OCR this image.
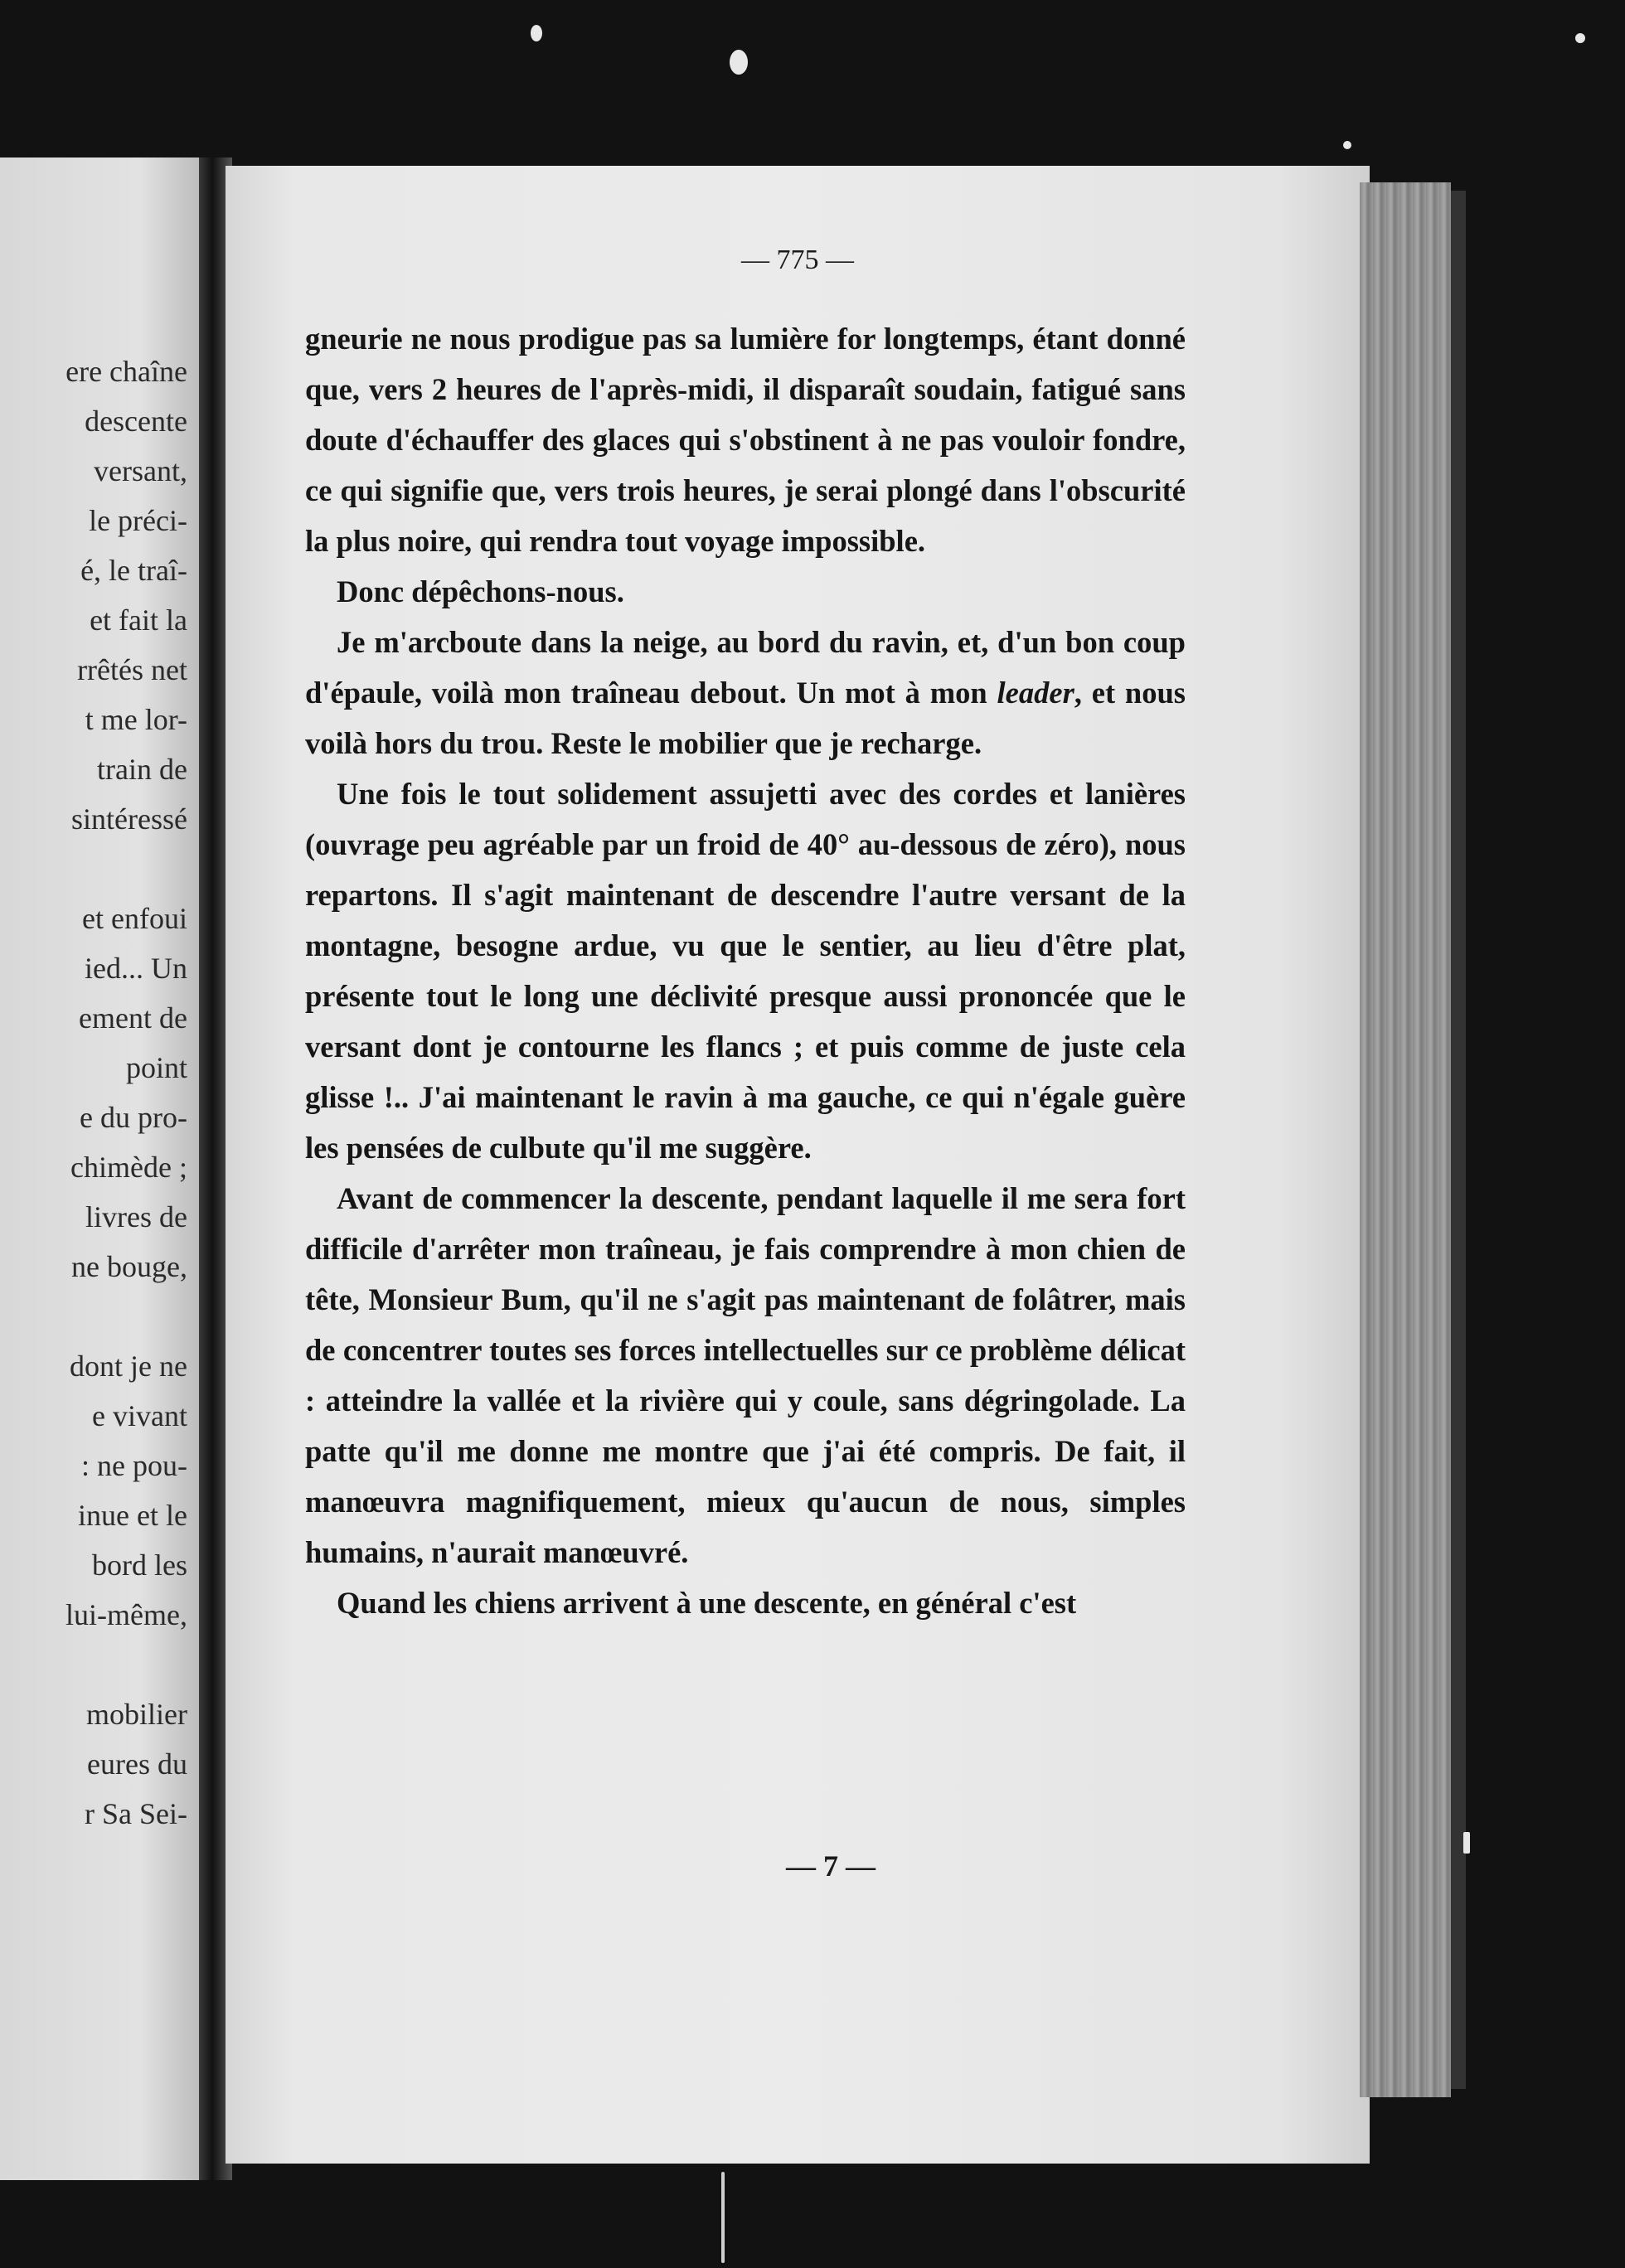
ere chaîne
descente
versant,
le préci-
é, le traî-
et fait la
rrêtés net
t me lor-
train de
sintéressé
et enfoui
ied... Un
ement de
point
e du pro-
chimède ;
livres de
ne bouge,
dont je ne
e vivant
: ne pou-
inue et le
bord les
lui-même,
mobilier
eures du
r Sa Sei-
— 775 —

gneurie ne nous prodigue pas sa lumière for longtemps, étant donné que, vers 2 heures de l'après-midi, il disparaît soudain, fatigué sans doute d'échauffer des glaces qui s'obstinent à ne pas vouloir fondre, ce qui signifie que, vers trois heures, je serai plongé dans l'obscurité la plus noire, qui rendra tout voyage impossible.

Donc dépêchons-nous.

Je m'arcboute dans la neige, au bord du ravin, et, d'un bon coup d'épaule, voilà mon traîneau debout. Un mot à mon leader, et nous voilà hors du trou. Reste le mobilier que je recharge.

Une fois le tout solidement assujetti avec des cordes et lanières (ouvrage peu agréable par un froid de 40° au-dessous de zéro), nous repartons. Il s'agit maintenant de descendre l'autre versant de la montagne, besogne ardue, vu que le sentier, au lieu d'être plat, présente tout le long une déclivité presque aussi prononcée que le versant dont je contourne les flancs ; et puis comme de juste cela glisse !.. J'ai maintenant le ravin à ma gauche, ce qui n'égale guère les pensées de culbute qu'il me suggère.

Avant de commencer la descente, pendant laquelle il me sera fort difficile d'arrêter mon traîneau, je fais comprendre à mon chien de tête, Monsieur Bum, qu'il ne s'agit pas maintenant de folâtrer, mais de concentrer toutes ses forces intellectuelles sur ce problème délicat : atteindre la vallée et la rivière qui y coule, sans dégringolade. La patte qu'il me donne me montre que j'ai été compris. De fait, il manœuvra magnifiquement, mieux qu'aucun de nous, simples humains, n'aurait manœuvré.

Quand les chiens arrivent à une descente, en général c'est

— 7 —
